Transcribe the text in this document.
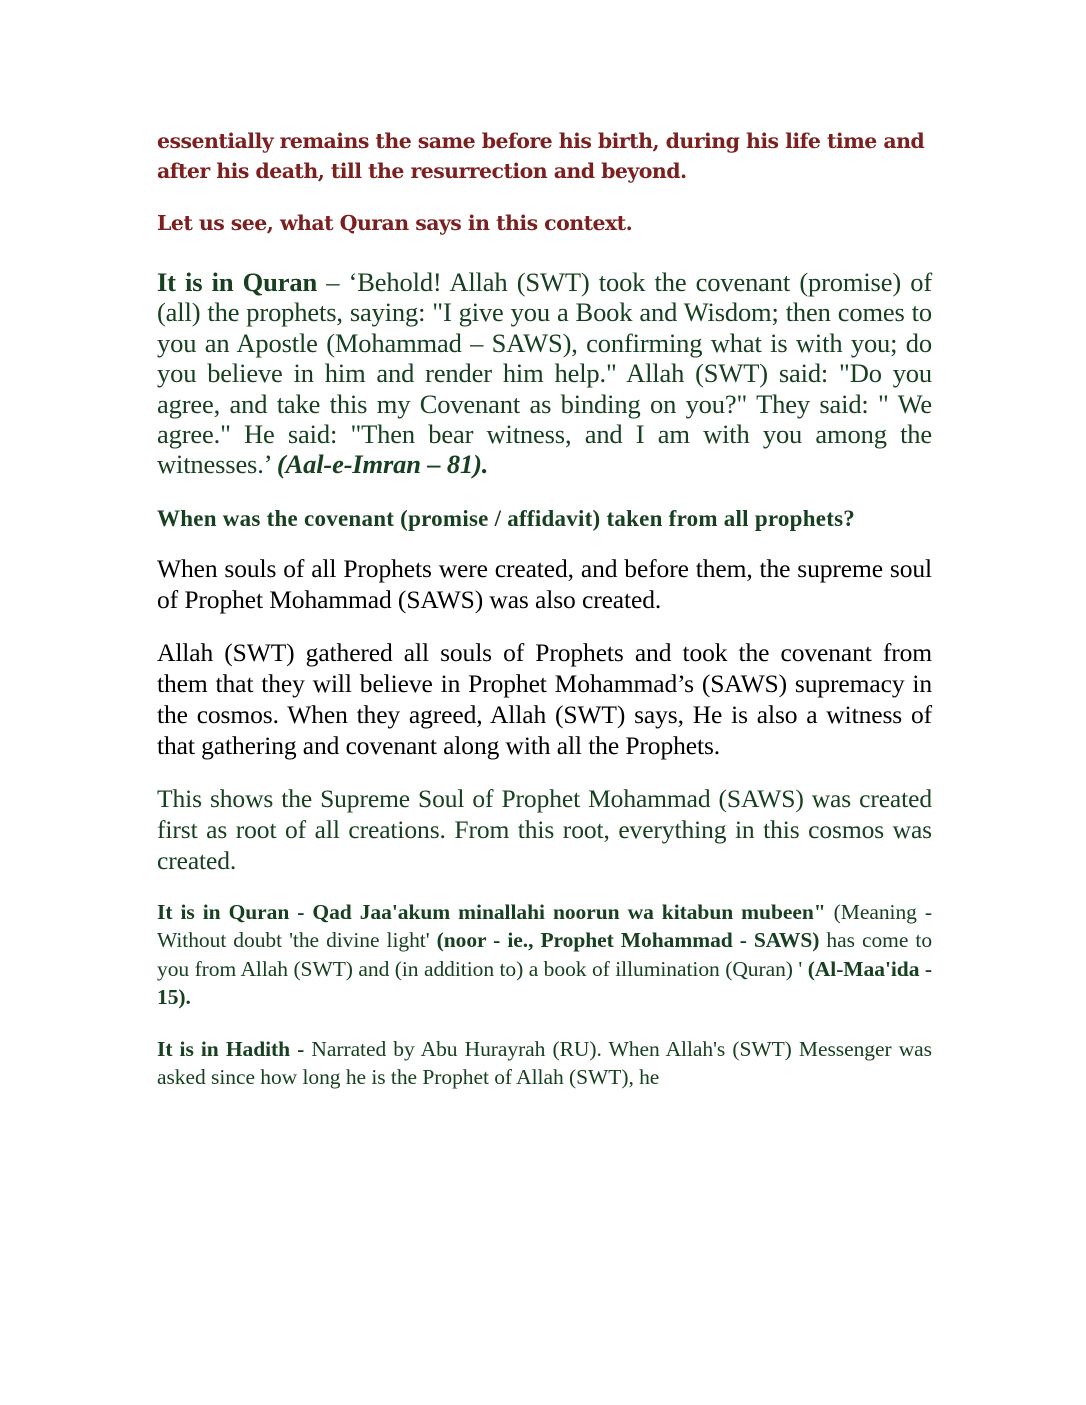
essentially remains the same before his birth, during his life time and after his death, till the resurrection and beyond.

Let us see, what Quran says in this context.

It is in Quran – ‘Behold! Allah (SWT) took the covenant (promise) of (all) the prophets, saying: "I give you a Book and Wisdom; then comes to you an Apostle (Mohammad – SAWS), confirming what is with you; do you believe in him and render him help." Allah (SWT) said: "Do you agree, and take this my Covenant as binding on you?" They said: " We agree." He said: "Then bear witness, and I am with you among the witnesses.’ (Aal-e-Imran – 81).

When was the covenant (promise / affidavit) taken from all prophets?

When souls of all Prophets were created, and before them, the supreme soul of Prophet Mohammad (SAWS) was also created.

Allah (SWT) gathered all souls of Prophets and took the covenant from them that they will believe in Prophet Mohammad’s (SAWS) supremacy in the cosmos. When they agreed, Allah (SWT) says, He is also a witness of that gathering and covenant along with all the Prophets.

This shows the Supreme Soul of Prophet Mohammad (SAWS) was created first as root of all creations. From this root, everything in this cosmos was created.

It is in Quran - Qad Jaa'akum minallahi noorun wa kitabun mubeen" (Meaning - Without doubt 'the divine light' (noor - ie., Prophet Mohammad - SAWS) has come to you from Allah (SWT) and (in addition to) a book of illumination (Quran) ' (Al-Maa'ida - 15).

It is in Hadith - Narrated by Abu Hurayrah (RU). When Allah's (SWT) Messenger was asked since how long he is the Prophet of Allah (SWT), he
